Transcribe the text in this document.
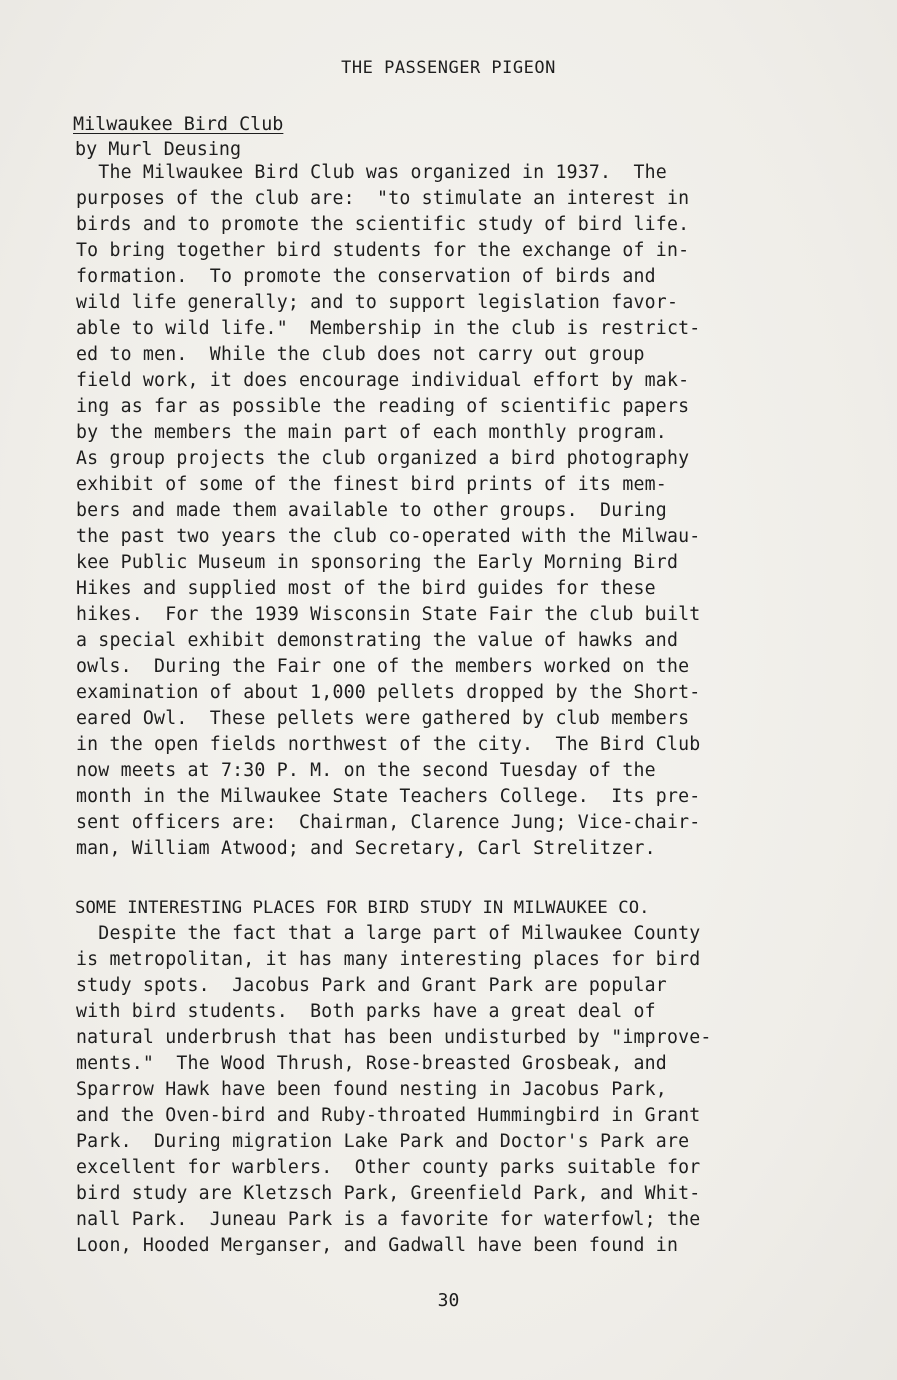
THE PASSENGER PIGEON
Milwaukee Bird Club
by Murl Deusing
The Milwaukee Bird Club was organized in 1937.  The
purposes of the club are:  "to stimulate an interest in
birds and to promote the scientific study of bird life.
To bring together bird students for the exchange of in-
formation.  To promote the conservation of birds and
wild life generally; and to support legislation favor-
able to wild life."  Membership in the club is restrict-
ed to men.  While the club does not carry out group
field work, it does encourage individual effort by mak-
ing as far as possible the reading of scientific papers
by the members the main part of each monthly program.
As group projects the club organized a bird photography
exhibit of some of the finest bird prints of its mem-
bers and made them available to other groups.  During
the past two years the club co-operated with the Milwau-
kee Public Museum in sponsoring the Early Morning Bird
Hikes and supplied most of the bird guides for these
hikes.  For the 1939 Wisconsin State Fair the club built
a special exhibit demonstrating the value of hawks and
owls.  During the Fair one of the members worked on the
examination of about 1,000 pellets dropped by the Short-
eared Owl.  These pellets were gathered by club members
in the open fields northwest of the city.  The Bird Club
now meets at 7:30 P. M. on the second Tuesday of the
month in the Milwaukee State Teachers College.  Its pre-
sent officers are:  Chairman, Clarence Jung; Vice-chair-
man, William Atwood; and Secretary, Carl Strelitzer.
SOME INTERESTING PLACES FOR BIRD STUDY IN MILWAUKEE CO.
Despite the fact that a large part of Milwaukee County
is metropolitan, it has many interesting places for bird
study spots.  Jacobus Park and Grant Park are popular
with bird students.  Both parks have a great deal of
natural underbrush that has been undisturbed by "improve-
ments."  The Wood Thrush, Rose-breasted Grosbeak, and
Sparrow Hawk have been found nesting in Jacobus Park,
and the Oven-bird and Ruby-throated Hummingbird in Grant
Park.  During migration Lake Park and Doctor's Park are
excellent for warblers.  Other county parks suitable for
bird study are Kletzsch Park, Greenfield Park, and Whit-
nall Park.  Juneau Park is a favorite for waterfowl; the
Loon, Hooded Merganser, and Gadwall have been found in
30
